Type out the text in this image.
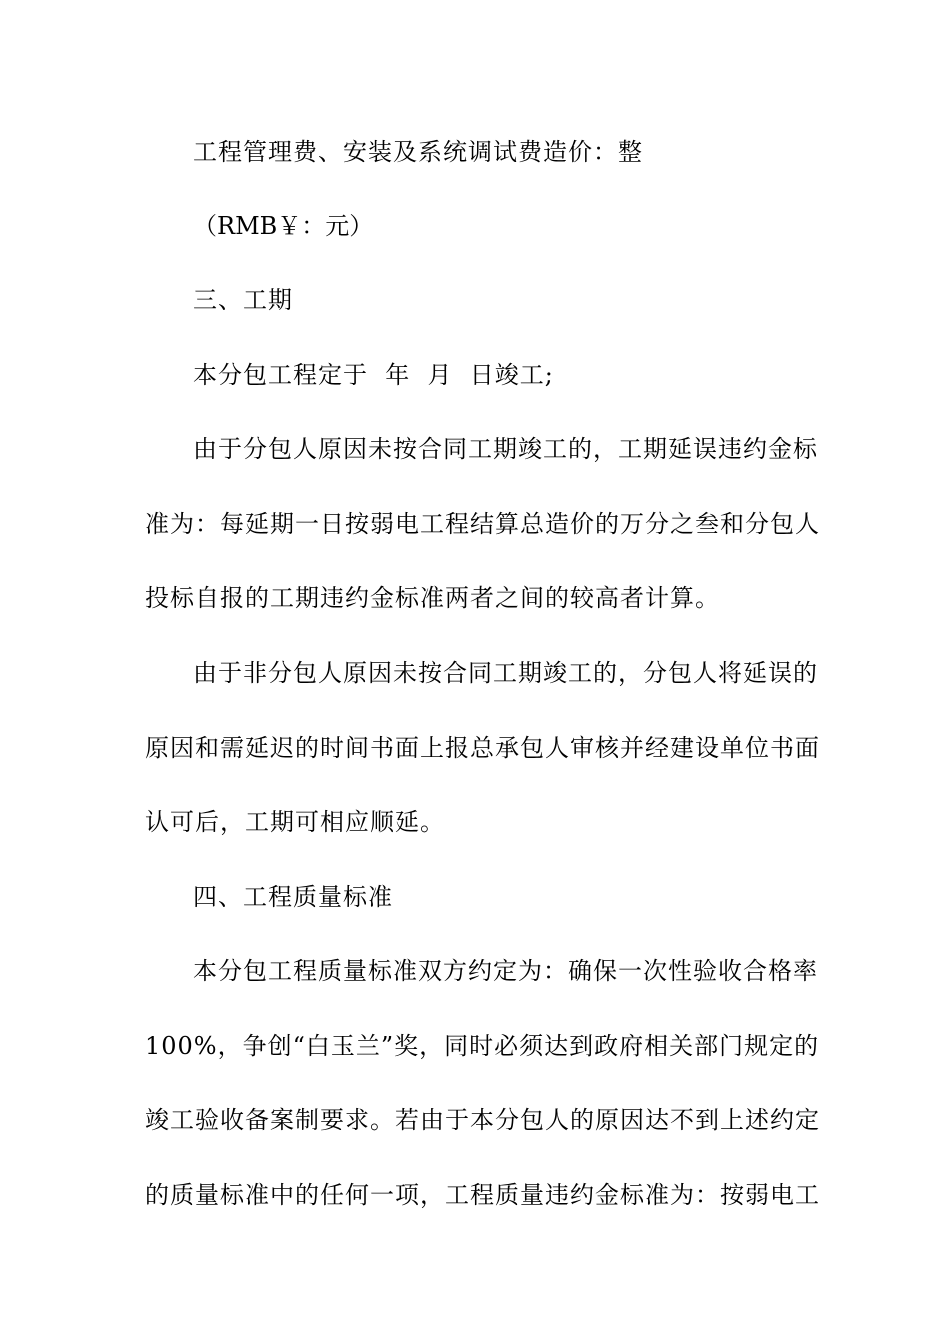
工程管理费、安装及系统调试费造价：整
（RMB￥：元）
三、工期
本分包工程定于  年  月  日竣工;
由于分包人原因未按合同工期竣工的，工期延误违约金标
准为：每延期一日按弱电工程结算总造价的万分之叁和分包人
投标自报的工期违约金标准两者之间的较高者计算。
由于非分包人原因未按合同工期竣工的，分包人将延误的
原因和需延迟的时间书面上报总承包人审核并经建设单位书面
认可后，工期可相应顺延。
四、工程质量标准
本分包工程质量标准双方约定为：确保一次性验收合格率
100%，争创“白玉兰”奖，同时必须达到政府相关部门规定的
竣工验收备案制要求。若由于本分包人的原因达不到上述约定
的质量标准中的任何一项，工程质量违约金标准为：按弱电工
